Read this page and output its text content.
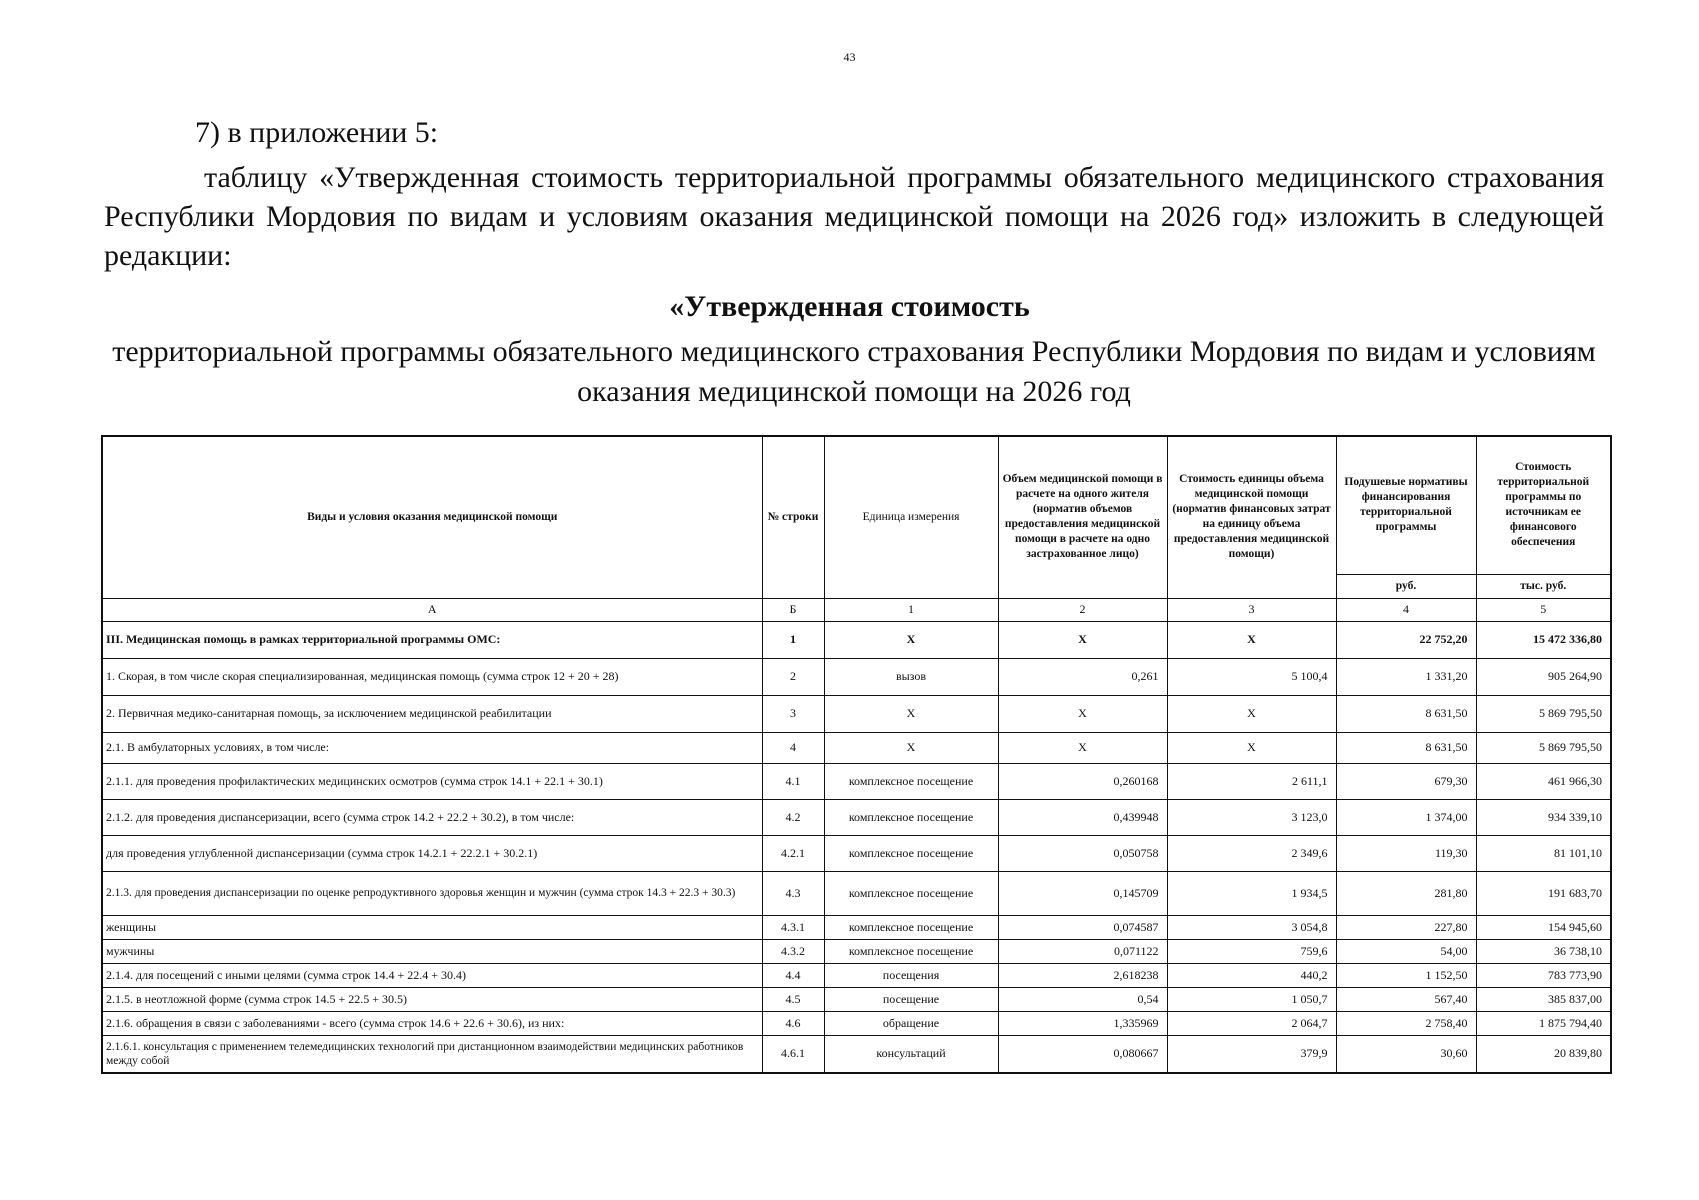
43
7) в приложении 5:
таблицу «Утвержденная стоимость территориальной программы обязательного медицинского страхования Республики Мордовия по видам и условиям оказания медицинской помощи на 2026 год» изложить в следующей редакции:
«Утвержденная стоимость
территориальной программы обязательного медицинского страхования Республики Мордовия по видам и условиям оказания медицинской помощи на 2026 год
Виды и условия оказания медицинской помощи	№ строки	Единица измерения	Объем медицинской помощи в расчете на одного жителя (норматив объемов предоставления медицинской помощи в расчете на одно застрахованное лицо)	Стоимость единицы объема медицинской помощи (норматив финансовых затрат на единицу объема предоставления медицинской помощи)	Подушевые нормативы финансирования территориальной программы	Стоимость территориальной программы по источникам ее финансового обеспечения
					руб.	тыс. руб.
А	Б	1	2	3	4	5
III. Медицинская помощь в рамках территориальной программы ОМС:	1	X	X	X	22 752,20	15 472 336,80
1. Скорая, в том числе скорая специализированная, медицинская помощь (сумма строк 12 + 20 + 28)	2	вызов	0,261	5 100,4	1 331,20	905 264,90
2. Первичная медико-санитарная помощь, за исключением медицинской реабилитации	3	X	X	X	8 631,50	5 869 795,50
2.1. В амбулаторных условиях, в том числе:	4	X	X	X	8 631,50	5 869 795,50
2.1.1. для проведения профилактических медицинских осмотров (сумма строк 14.1 + 22.1 + 30.1)	4.1	комплексное посещение	0,260168	2 611,1	679,30	461 966,30
2.1.2. для проведения диспансеризации, всего (сумма строк 14.2 + 22.2 + 30.2), в том числе:	4.2	комплексное посещение	0,439948	3 123,0	1 374,00	934 339,10
для проведения углубленной диспансеризации (сумма строк 14.2.1 + 22.2.1 + 30.2.1)	4.2.1	комплексное посещение	0,050758	2 349,6	119,30	81 101,10
2.1.3. для проведения диспансеризации по оценке репродуктивного здоровья женщин и мужчин (сумма строк 14.3 + 22.3 + 30.3)	4.3	комплексное посещение	0,145709	1 934,5	281,80	191 683,70
женщины	4.3.1	комплексное посещение	0,074587	3 054,8	227,80	154 945,60
мужчины	4.3.2	комплексное посещение	0,071122	759,6	54,00	36 738,10
2.1.4. для посещений с иными целями (сумма строк 14.4 + 22.4 + 30.4)	4.4	посещения	2,618238	440,2	1 152,50	783 773,90
2.1.5. в неотложной форме (сумма строк 14.5 + 22.5 + 30.5)	4.5	посещение	0,54	1 050,7	567,40	385 837,00
2.1.6. обращения в связи с заболеваниями - всего (сумма строк 14.6 + 22.6 + 30.6), из них:	4.6	обращение	1,335969	2 064,7	2 758,40	1 875 794,40
2.1.6.1. консультация с применением телемедицинских технологий при дистанционном взаимодействии медицинских работников между собой	4.6.1	консультаций	0,080667	379,9	30,60	20 839,80
